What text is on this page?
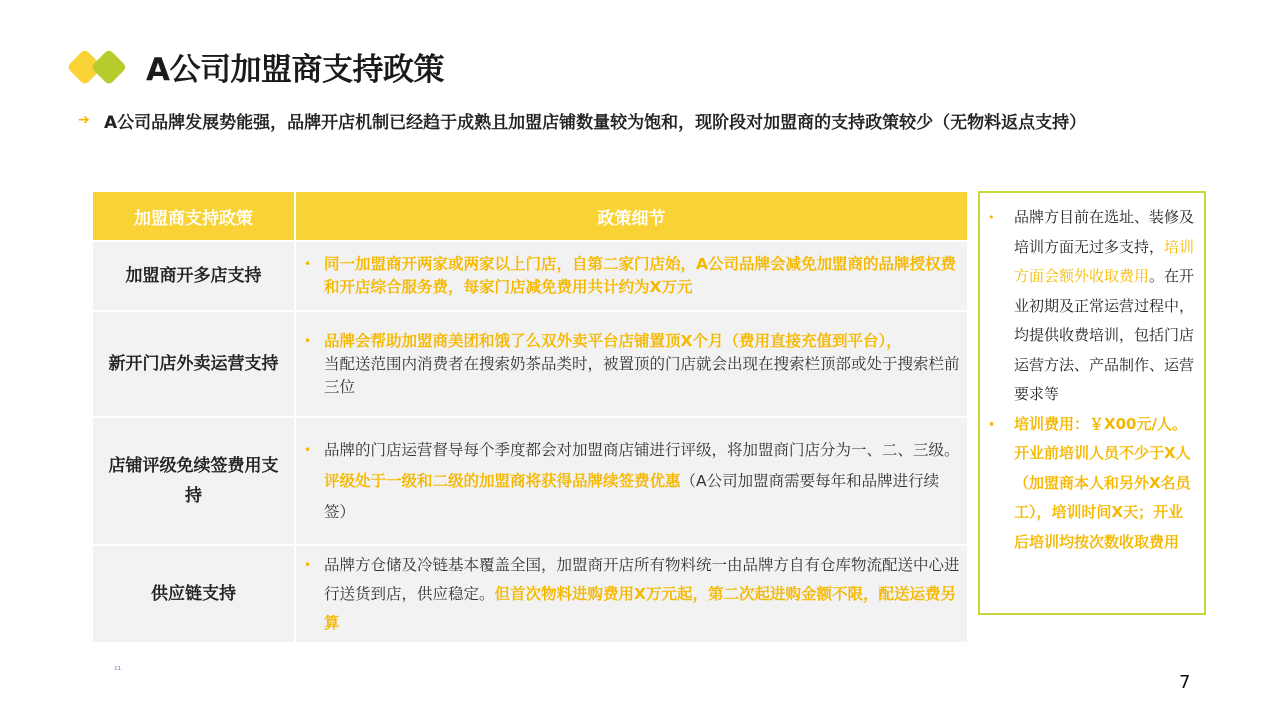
A公司加盟商支持政策
➔ A公司品牌发展势能强，品牌开店机制已经趋于成熟且加盟店铺数量较为饱和，现阶段对加盟商的支持政策较少（无物料返点支持）
加盟商支持政策	政策细节
加盟商开多店支持	• 同一加盟商开两家或两家以上门店，自第二家门店始，A公司品牌会减免加盟商的品牌授权费和开店综合服务费，每家门店减免费用共计约为X万元

新开门店外卖运营支持	• 品牌会帮助加盟商美团和饿了么双外卖平台店铺置顶X个月（费用直接充值到平台），
当配送范围内消费者在搜索奶茶品类时，被置顶的门店就会出现在搜索栏顶部或处于搜索栏前三位

店铺评级免续签费用支持	• 品牌的门店运营督导每个季度都会对加盟商店铺进行评级，将加盟商门店分为一、二、三级。评级处于一级和二级的加盟商将获得品牌续签费优惠（A公司加盟商需要每年和品牌进行续签）

供应链支持	• 品牌方仓储及冷链基本覆盖全国，加盟商开店所有物料统一由品牌方自有仓库物流配送中心进行送货到店，供应稳定。但首次物料进购费用X万元起，第二次起进购金额不限，配送运费另算
•	品牌方目前在选址、装修及培训方面无过多支持，培训方面会额外收取费用。在开业初期及正常运营过程中，均提供收费培训，包括门店运营方法、产品制作、运营要求等
•	培训费用：￥X00元/人。开业前培训人员不少于X人（加盟商本人和另外X名员工），培训时间X天；开业后培训均按次数收取费用
¹¹
7
